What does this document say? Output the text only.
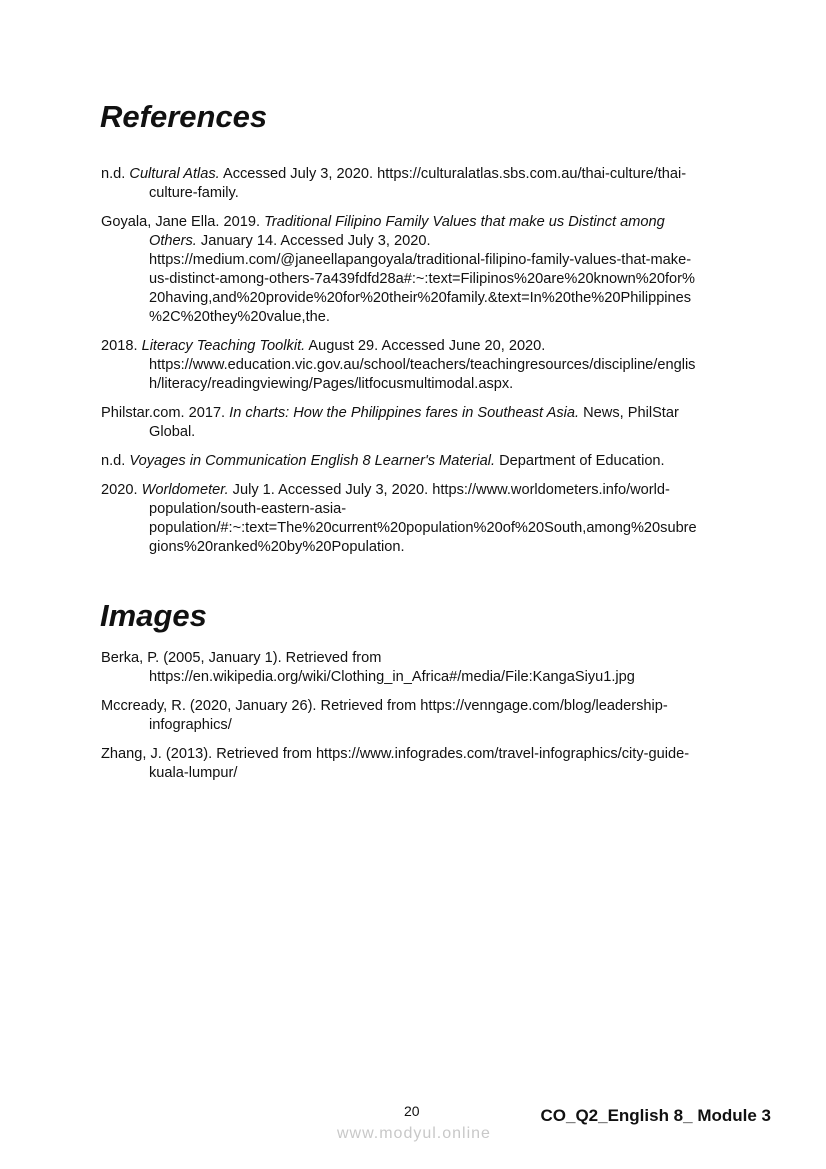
References
n.d. Cultural Atlas. Accessed July 3, 2020. https://culturalatlas.sbs.com.au/thai-culture/thai-
culture-family.
Goyala, Jane Ella. 2019. Traditional Filipino Family Values that make us Distinct among
Others. January 14. Accessed July 3, 2020.
https://medium.com/@janeellapangoyala/traditional-filipino-family-values-that-make-
us-distinct-among-others-7a439fdfd28a#:~:text=Filipinos%20are%20known%20for%
20having,and%20provide%20for%20their%20family.&text=In%20the%20Philippines
%2C%20they%20value,the.
2018. Literacy Teaching Toolkit. August 29. Accessed June 20, 2020.
https://www.education.vic.gov.au/school/teachers/teachingresources/discipline/englis
h/literacy/readingviewing/Pages/litfocusmultimodal.aspx.
Philstar.com. 2017. In charts: How the Philippines fares in Southeast Asia. News, PhilStar
Global.
n.d. Voyages in Communication English 8 Learner's Material. Department of Education.
2020. Worldometer. July 1. Accessed July 3, 2020. https://www.worldometers.info/world-
population/south-eastern-asia-
population/#:~:text=The%20current%20population%20of%20South,among%20subre
gions%20ranked%20by%20Population.
Images
Berka, P. (2005, January 1). Retrieved from
https://en.wikipedia.org/wiki/Clothing_in_Africa#/media/File:KangaSiyu1.jpg
Mccready, R. (2020, January 26). Retrieved from https://venngage.com/blog/leadership-
infographics/
Zhang, J. (2013). Retrieved from https://www.infogrades.com/travel-infographics/city-guide-
kuala-lumpur/
20	CO_Q2_English 8_ Module 3
www.modyul.online
